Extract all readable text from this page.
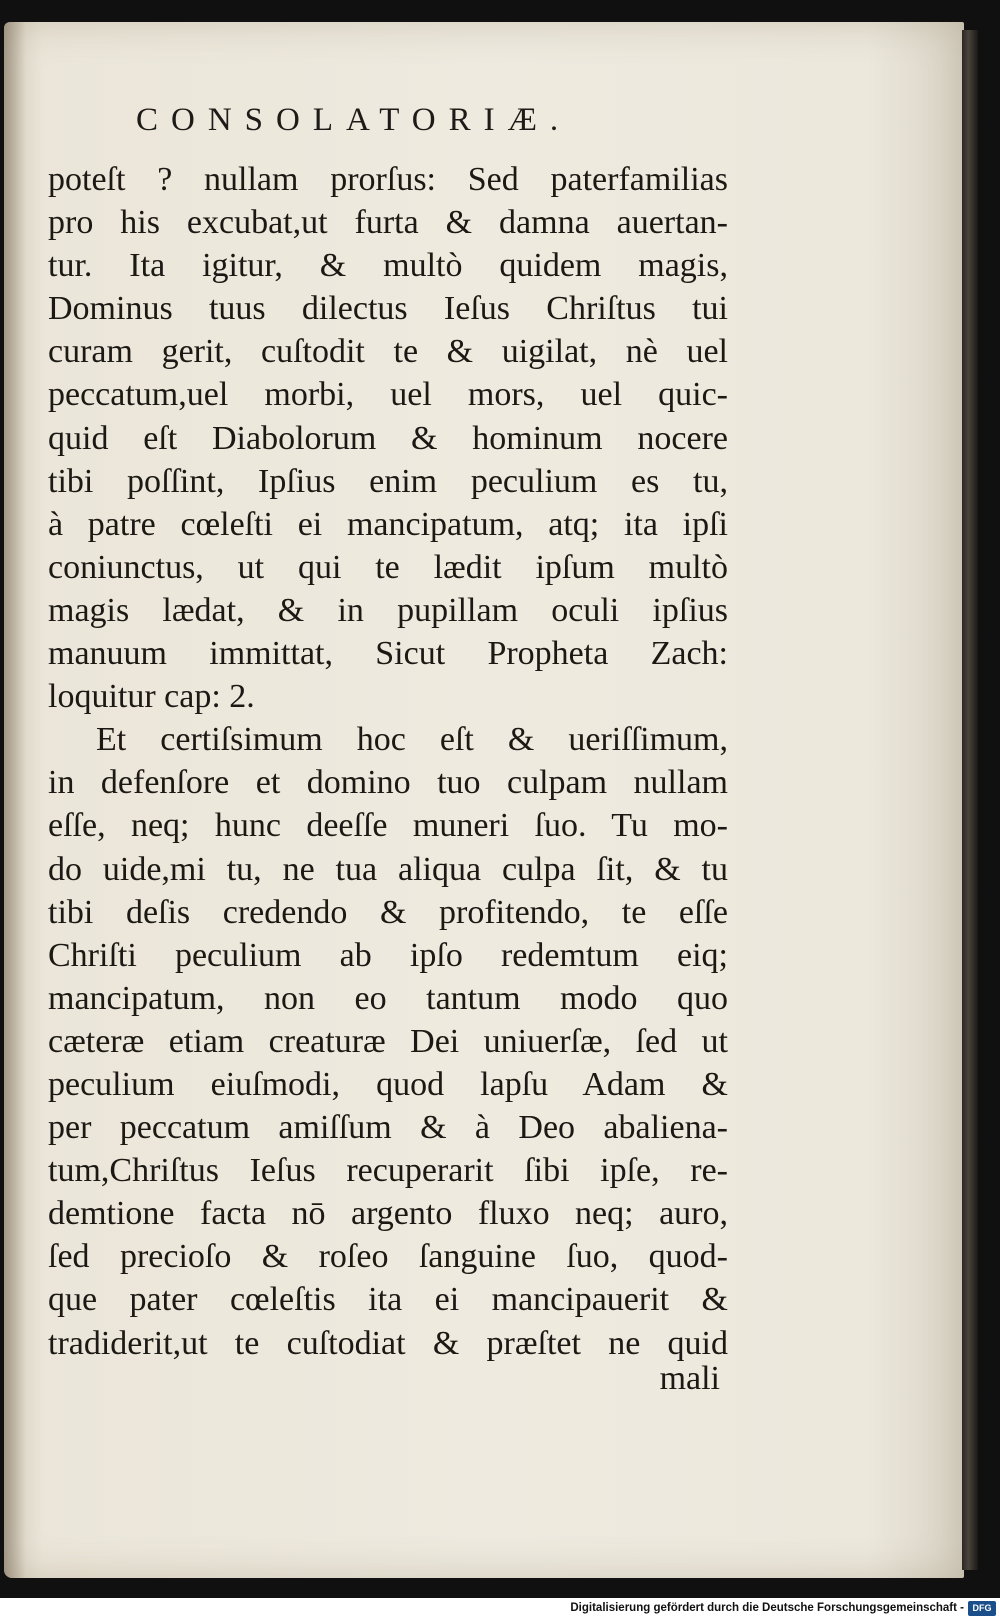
CONSOLATORIÆ.
poteſt ? nullam prorſus: Sed paterfamilias
pro his excubat,ut furta & damna auertan-
tur. Ita igitur, & multò quidem magis,
Dominus tuus dilectus Ieſus Chriſtus tui
curam gerit, cuſtodit te & uigilat, nè uel
peccatum,uel morbi, uel mors, uel quic-
quid eſt Diabolorum & hominum nocere
tibi poſſint, Ipſius enim peculium es tu,
à patre cœleſti ei mancipatum, atq; ita ipſi
coniunctus, ut qui te lædit ipſum multò
magis lædat, & in pupillam oculi ipſius
manuum immittat, Sicut Propheta Zach:
loquitur cap: 2.
Et certiſsimum hoc eſt & ueriſſimum,
in defenſore et domino tuo culpam nullam
eſſe, neq; hunc deeſſe muneri ſuo. Tu mo-
do uide,mi tu, ne tua aliqua culpa ſit, & tu
tibi deſis credendo & profitendo, te eſſe
Chriſti peculium ab ipſo redemtum eiq;
mancipatum, non eo tantum modo quo
cæteræ etiam creaturæ Dei uniuerſæ, ſed ut
peculium eiuſmodi, quod lapſu Adam &
per peccatum amiſſum & à Deo abaliena-
tum,Chriſtus Ieſus recuperarit ſibi ipſe, re-
demtione facta nō argento fluxo neq; auro,
ſed precioſo & roſeo ſanguine ſuo, quod-
que pater cœleſtis ita ei mancipauerit &
tradiderit,ut te cuſtodiat & præſtet ne quid
mali
Digitalisierung gefördert durch die Deutsche Forschungsgemeinschaft - DFG
